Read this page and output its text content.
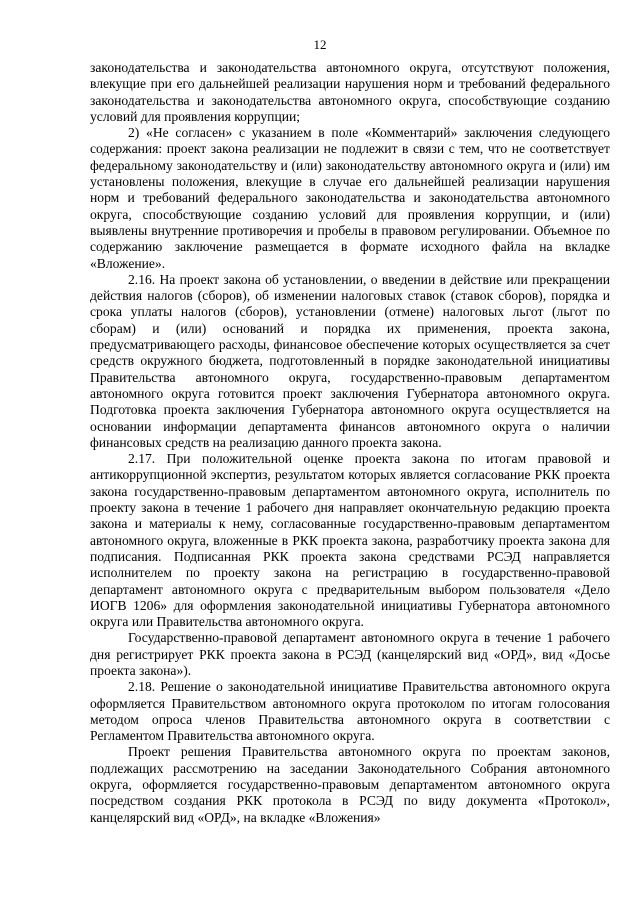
12

законодательства и законодательства автономного округа, отсутствуют положения, влекущие при его дальнейшей реализации нарушения норм и требований федерального законодательства и законодательства автономного округа, способствующие созданию условий для проявления коррупции;

2) «Не согласен» с указанием в поле «Комментарий» заключения следующего содержания: проект закона реализации не подлежит в связи с тем, что не соответствует федеральному законодательству и (или) законодательству автономного округа и (или) им установлены положения, влекущие в случае его дальнейшей реализации нарушения норм и требований федерального законодательства и законодательства автономного округа, способствующие созданию условий для проявления коррупции, и (или) выявлены внутренние противоречия и пробелы в правовом регулировании. Объемное по содержанию заключение размещается в формате исходного файла на вкладке «Вложение».

2.16. На проект закона об установлении, о введении в действие или прекращении действия налогов (сборов), об изменении налоговых ставок (ставок сборов), порядка и срока уплаты налогов (сборов), установлении (отмене) налоговых льгот (льгот по сборам) и (или) оснований и порядка их применения, проекта закона, предусматривающего расходы, финансовое обеспечение которых осуществляется за счет средств окружного бюджета, подготовленный в порядке законодательной инициативы Правительства автономного округа, государственно-правовым департаментом автономного округа готовится проект заключения Губернатора автономного округа. Подготовка проекта заключения Губернатора автономного округа осуществляется на основании информации департамента финансов автономного округа о наличии финансовых средств на реализацию данного проекта закона.

2.17. При положительной оценке проекта закона по итогам правовой и антикоррупционной экспертиз, результатом которых является согласование РКК проекта закона государственно-правовым департаментом автономного округа, исполнитель по проекту закона в течение 1 рабочего дня направляет окончательную редакцию проекта закона и материалы к нему, согласованные государственно-правовым департаментом автономного округа, вложенные в РКК проекта закона, разработчику проекта закона для подписания. Подписанная РКК проекта закона средствами РСЭД направляется исполнителем по проекту закона на регистрацию в государственно-правовой департамент автономного округа с предварительным выбором пользователя «Дело ИОГВ 1206» для оформления законодательной инициативы Губернатора автономного округа или Правительства автономного округа.

Государственно-правовой департамент автономного округа в течение 1 рабочего дня регистрирует РКК проекта закона в РСЭД (канцелярский вид «ОРД», вид «Досье проекта закона»).

2.18. Решение о законодательной инициативе Правительства автономного округа оформляется Правительством автономного округа протоколом по итогам голосования методом опроса членов Правительства автономного округа в соответствии с Регламентом Правительства автономного округа.

Проект решения Правительства автономного округа по проектам законов, подлежащих рассмотрению на заседании Законодательного Собрания автономного округа, оформляется государственно-правовым департаментом автономного округа посредством создания РКК протокола в РСЭД по виду документа «Протокол», канцелярский вид «ОРД», на вкладке «Вложения»
